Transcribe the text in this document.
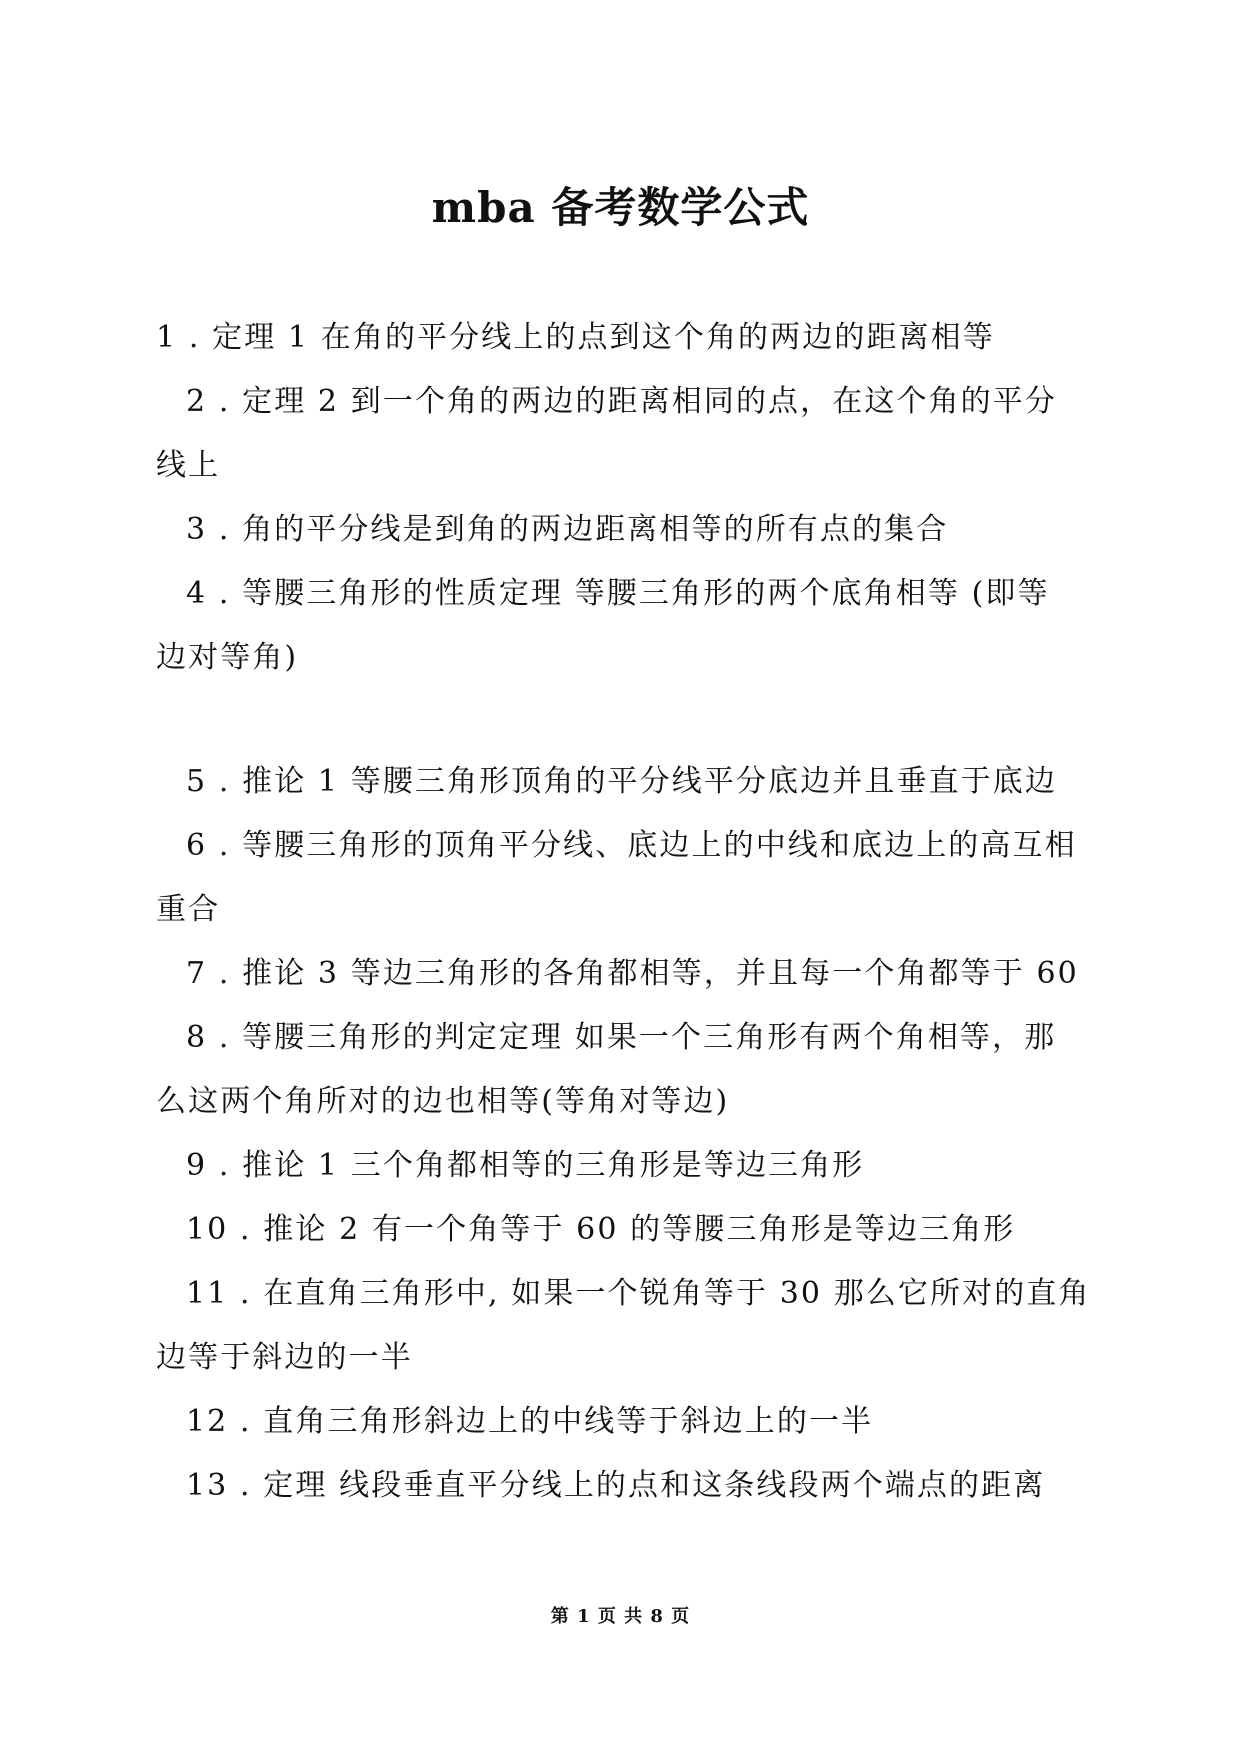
mba 备考数学公式
1 . 定理 1 在角的平分线上的点到这个角的两边的距离相等
2 . 定理 2 到一个角的两边的距离相同的点，在这个角的平分
线上
3 . 角的平分线是到角的两边距离相等的所有点的集合
4 . 等腰三角形的性质定理 等腰三角形的两个底角相等 (即等
边对等角)
5 . 推论 1 等腰三角形顶角的平分线平分底边并且垂直于底边
6 . 等腰三角形的顶角平分线、底边上的中线和底边上的高互相
重合
7 . 推论 3 等边三角形的各角都相等，并且每一个角都等于 60
8 . 等腰三角形的判定定理 如果一个三角形有两个角相等，那
么这两个角所对的边也相等(等角对等边)
9 . 推论 1 三个角都相等的三角形是等边三角形
10 . 推论 2 有一个角等于 60 的等腰三角形是等边三角形
11 . 在直角三角形中, 如果一个锐角等于 30 那么它所对的直角
边等于斜边的一半
12 . 直角三角形斜边上的中线等于斜边上的一半
13 . 定理 线段垂直平分线上的点和这条线段两个端点的距离
第 1 页 共 8 页
